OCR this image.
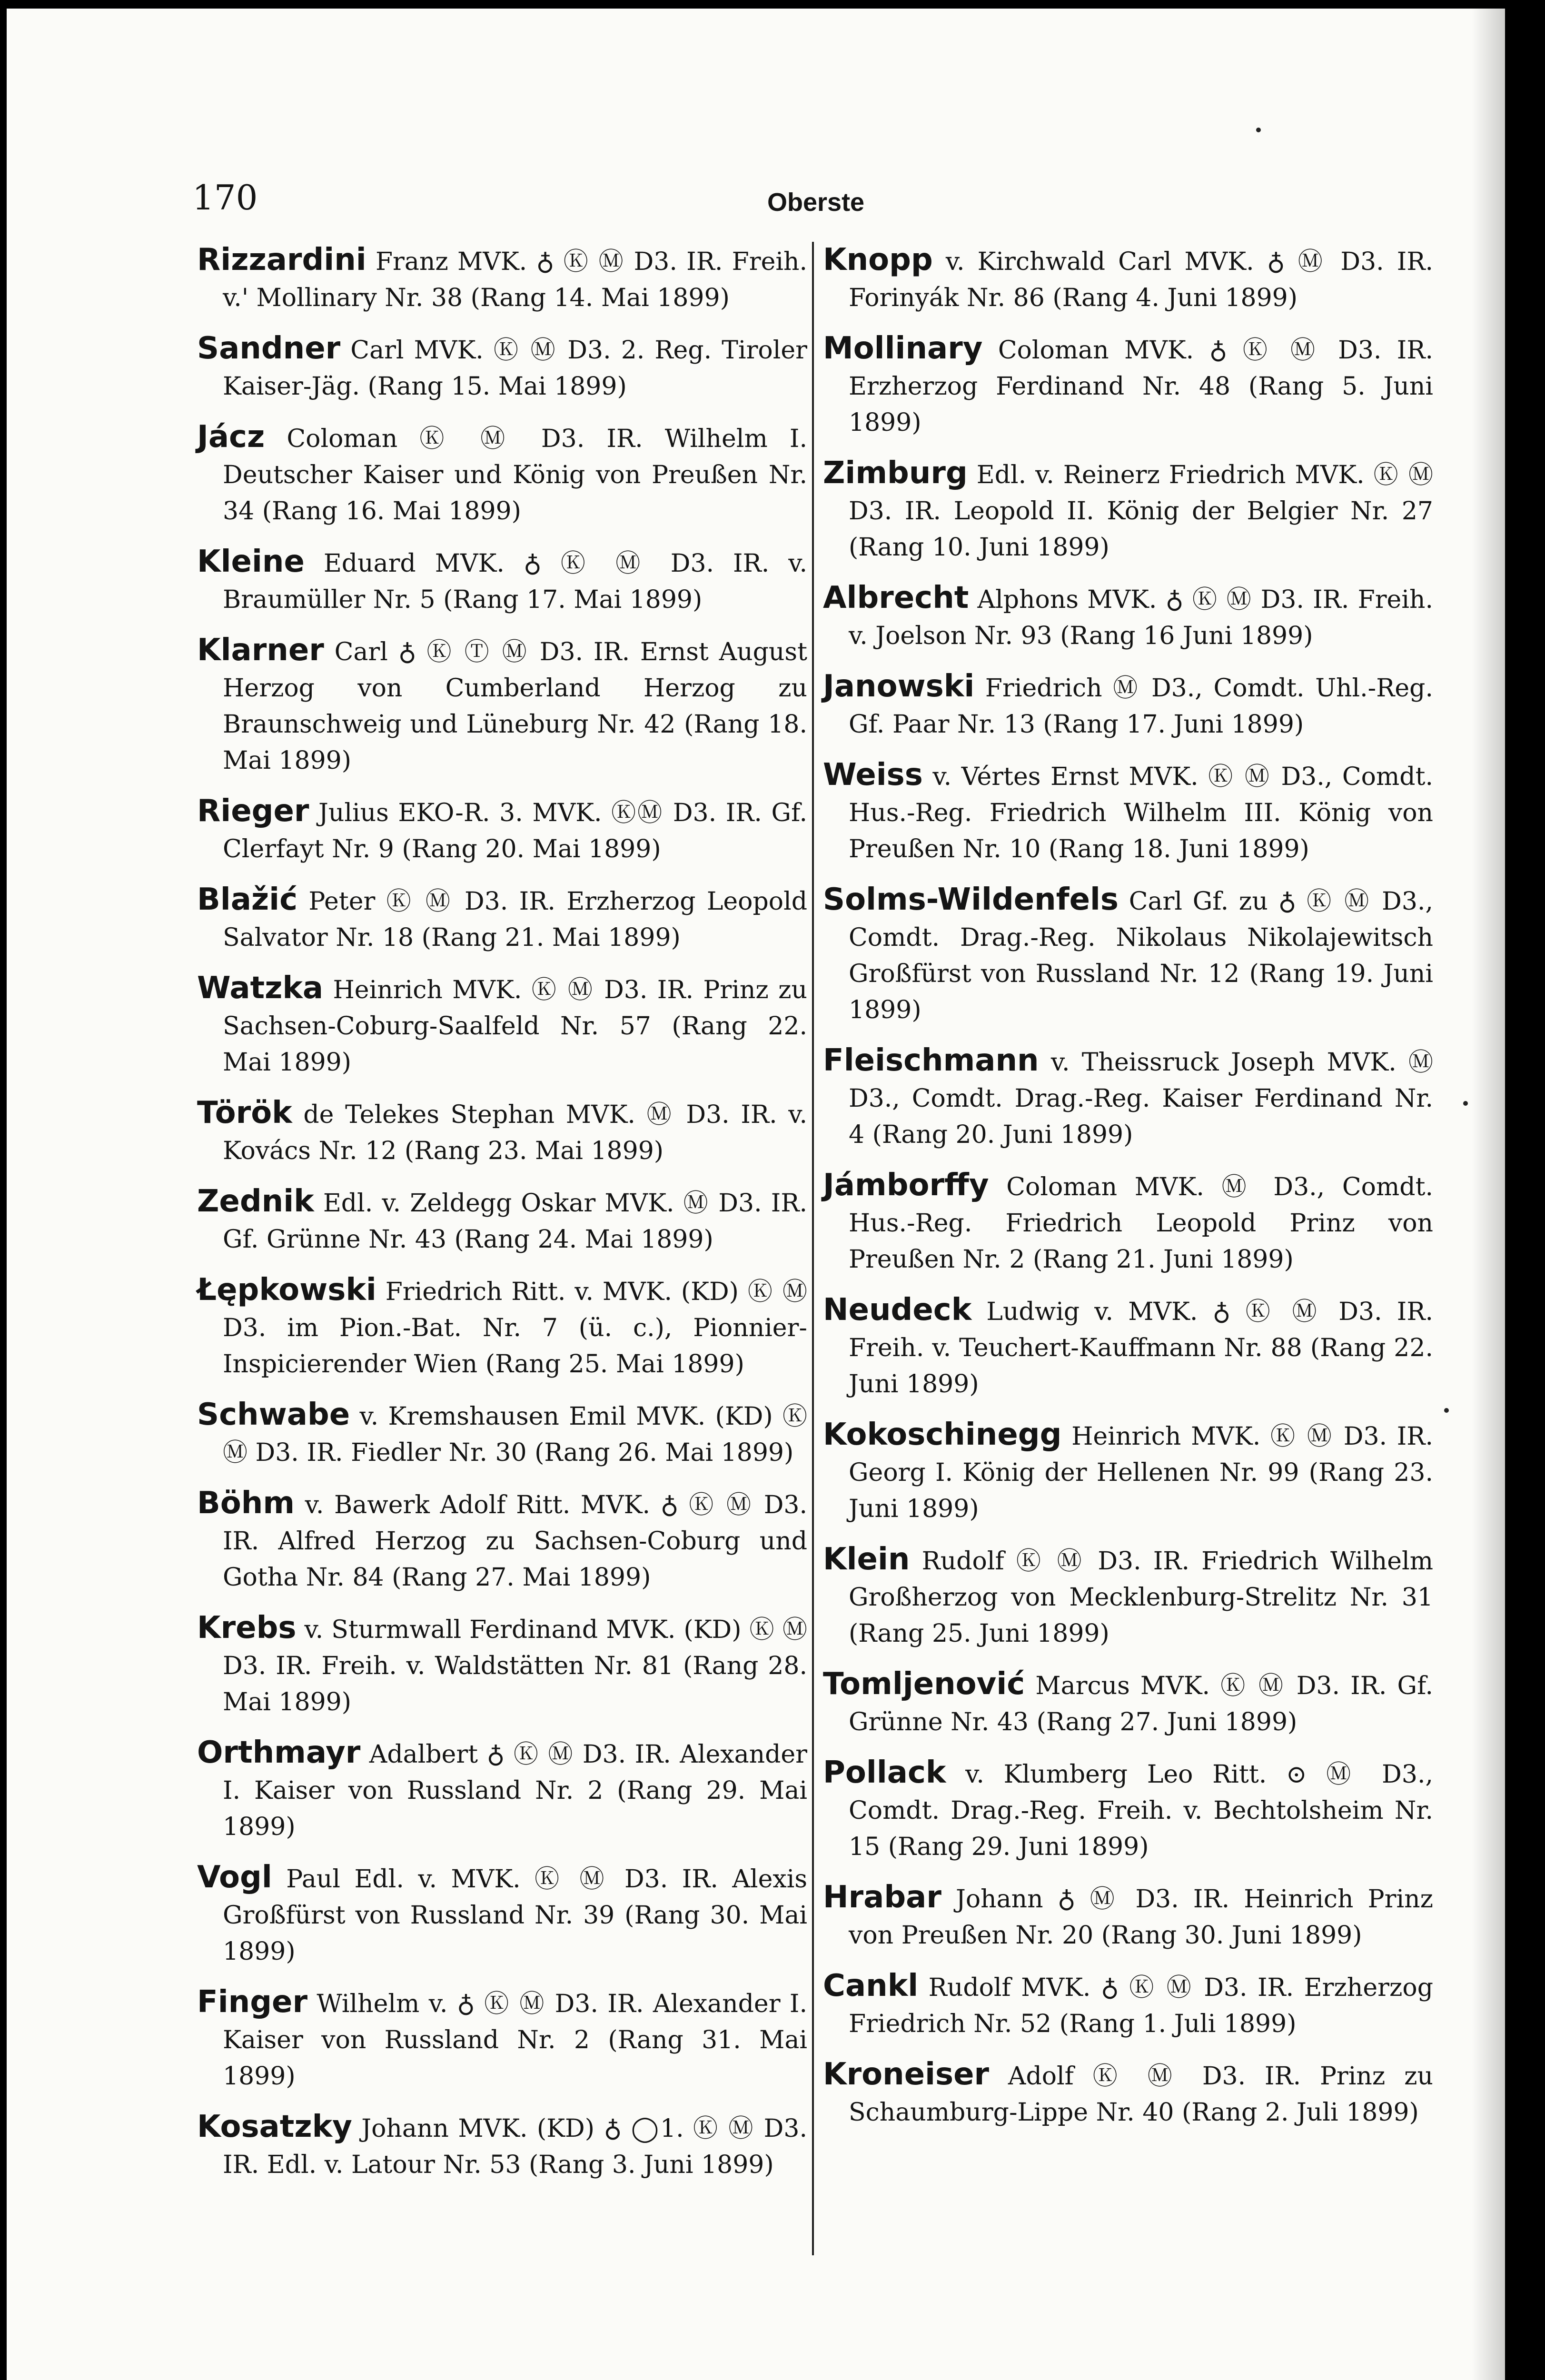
170	Oberste
Rizzardini Franz MVK. ♁ Ⓚ Ⓜ D3. IR. Freih. v.' Mollinary Nr. 38 (Rang 14. Mai 1899)
Sandner Carl MVK. Ⓚ Ⓜ D3. 2. Reg. Tiroler Kaiser-Jäg. (Rang 15. Mai 1899)
Jácz Coloman Ⓚ Ⓜ D3. IR. Wilhelm I. Deutscher Kaiser und König von Preußen Nr. 34 (Rang 16. Mai 1899)
Kleine Eduard MVK. ♁ Ⓚ Ⓜ D3. IR. v. Braumüller Nr. 5 (Rang 17. Mai 1899)
Klarner Carl ♁ Ⓚ Ⓣ Ⓜ D3. IR. Ernst August Herzog von Cumberland Herzog zu Braunschweig und Lüneburg Nr. 42 (Rang 18. Mai 1899)
Rieger Julius EKO-R. 3. MVK. ⓀⓂ D3. IR. Gf. Clerfayt Nr. 9 (Rang 20. Mai 1899)
Blažić Peter Ⓚ Ⓜ D3. IR. Erzherzog Leopold Salvator Nr. 18 (Rang 21. Mai 1899)
Watzka Heinrich MVK. Ⓚ Ⓜ D3. IR. Prinz zu Sachsen-Coburg-Saalfeld Nr. 57 (Rang 22. Mai 1899)
Török de Telekes Stephan MVK. Ⓜ D3. IR. v. Kovács Nr. 12 (Rang 23. Mai 1899)
Zednik Edl. v. Zeldegg Oskar MVK. Ⓜ D3. IR. Gf. Grünne Nr. 43 (Rang 24. Mai 1899)
Łępkowski Friedrich Ritt. v. MVK. (KD) Ⓚ Ⓜ D3. im Pion.-Bat. Nr. 7 (ü. c.), Pionnier-Inspicierender Wien (Rang 25. Mai 1899)
Schwabe v. Kremshausen Emil MVK. (KD) Ⓚ Ⓜ D3. IR. Fiedler Nr. 30 (Rang 26. Mai 1899)
Böhm v. Bawerk Adolf Ritt. MVK. ♁ Ⓚ Ⓜ D3. IR. Alfred Herzog zu Sachsen-Coburg und Gotha Nr. 84 (Rang 27. Mai 1899)
Krebs v. Sturmwall Ferdinand MVK. (KD) Ⓚ Ⓜ D3. IR. Freih. v. Waldstätten Nr. 81 (Rang 28. Mai 1899)
Orthmayr Adalbert ♁ Ⓚ Ⓜ D3. IR. Alexander I. Kaiser von Russland Nr. 2 (Rang 29. Mai 1899)
Vogl Paul Edl. v. MVK. Ⓚ Ⓜ D3. IR. Alexis Großfürst von Russland Nr. 39 (Rang 30. Mai 1899)
Finger Wilhelm v. ♁ Ⓚ Ⓜ D3. IR. Alexander I. Kaiser von Russland Nr. 2 (Rang 31. Mai 1899)
Kosatzky Johann MVK. (KD) ♁ ◯1. Ⓚ Ⓜ D3. IR. Edl. v. Latour Nr. 53 (Rang 3. Juni 1899)
Knopp v. Kirchwald Carl MVK. ♁ Ⓜ D3. IR. Forinyák Nr. 86 (Rang 4. Juni 1899)
Mollinary Coloman MVK. ♁ Ⓚ Ⓜ D3. IR. Erzherzog Ferdinand Nr. 48 (Rang 5. Juni 1899)
Zimburg Edl. v. Reinerz Friedrich MVK. Ⓚ Ⓜ D3. IR. Leopold II. König der Belgier Nr. 27 (Rang 10. Juni 1899)
Albrecht Alphons MVK. ♁ Ⓚ Ⓜ D3. IR. Freih. v. Joelson Nr. 93 (Rang 16 Juni 1899)
Janowski Friedrich Ⓜ D3., Comdt. Uhl.-Reg. Gf. Paar Nr. 13 (Rang 17. Juni 1899)
Weiss v. Vértes Ernst MVK. Ⓚ Ⓜ D3., Comdt. Hus.-Reg. Friedrich Wilhelm III. König von Preußen Nr. 10 (Rang 18. Juni 1899)
Solms-Wildenfels Carl Gf. zu ♁ Ⓚ Ⓜ D3., Comdt. Drag.-Reg. Nikolaus Nikolajewitsch Großfürst von Russland Nr. 12 (Rang 19. Juni 1899)
Fleischmann v. Theissruck Joseph MVK. Ⓜ D3., Comdt. Drag.-Reg. Kaiser Ferdinand Nr. 4 (Rang 20. Juni 1899)
Jámborffy Coloman MVK. Ⓜ D3., Comdt. Hus.-Reg. Friedrich Leopold Prinz von Preußen Nr. 2 (Rang 21. Juni 1899)
Neudeck Ludwig v. MVK. ♁ Ⓚ Ⓜ D3. IR. Freih. v. Teuchert-Kauffmann Nr. 88 (Rang 22. Juni 1899)
Kokoschinegg Heinrich MVK. Ⓚ Ⓜ D3. IR. Georg I. König der Hellenen Nr. 99 (Rang 23. Juni 1899)
Klein Rudolf Ⓚ Ⓜ D3. IR. Friedrich Wilhelm Großherzog von Mecklenburg-Strelitz Nr. 31 (Rang 25. Juni 1899)
Tomljenović Marcus MVK. Ⓚ Ⓜ D3. IR. Gf. Grünne Nr. 43 (Rang 27. Juni 1899)
Pollack v. Klumberg Leo Ritt. ⊙ Ⓜ D3., Comdt. Drag.-Reg. Freih. v. Bechtolsheim Nr. 15 (Rang 29. Juni 1899)
Hrabar Johann ♁ Ⓜ D3. IR. Heinrich Prinz von Preußen Nr. 20 (Rang 30. Juni 1899)
Cankl Rudolf MVK. ♁ Ⓚ Ⓜ D3. IR. Erzherzog Friedrich Nr. 52 (Rang 1. Juli 1899)
Kroneiser Adolf Ⓚ Ⓜ D3. IR. Prinz zu Schaumburg-Lippe Nr. 40 (Rang 2. Juli 1899)
